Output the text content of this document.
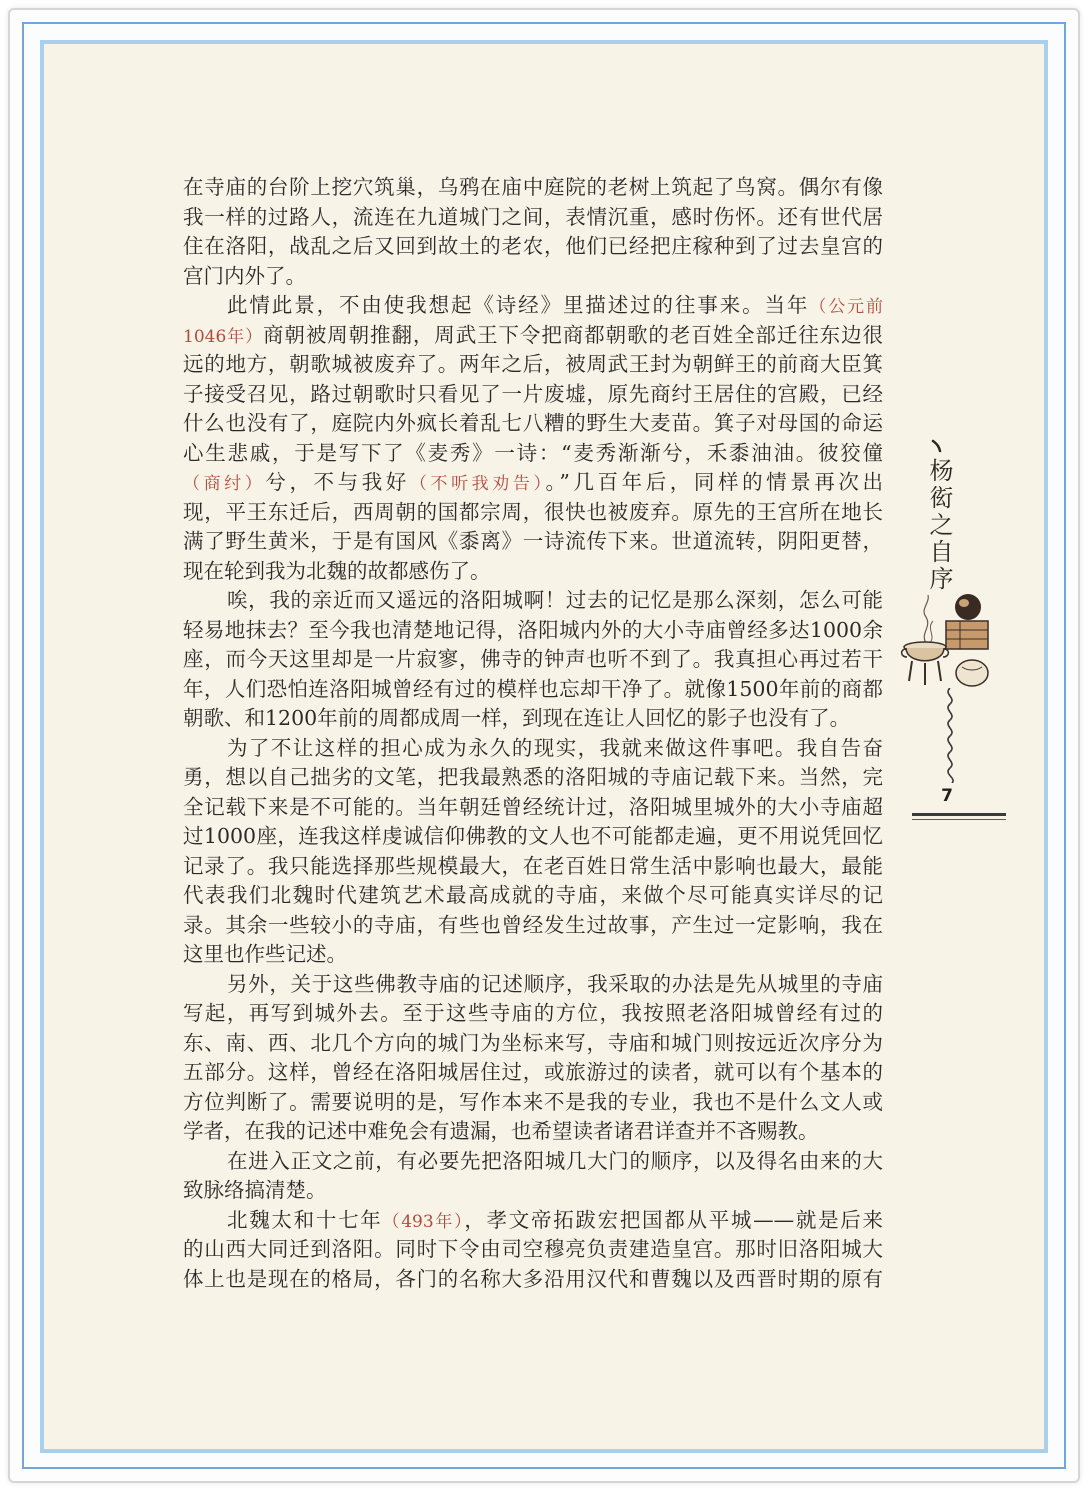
在寺庙的台阶上挖穴筑巢，乌鸦在庙中庭院的老树上筑起了鸟窝。偶尔有像
我一样的过路人，流连在九道城门之间，表情沉重，感时伤怀。还有世代居
住在洛阳，战乱之后又回到故土的老农，他们已经把庄稼种到了过去皇宫的
宫门内外了。
此情此景，不由使我想起《诗经》里描述过的往事来。当年（公元前
1046年）商朝被周朝推翻，周武王下令把商都朝歌的老百姓全部迁往东边很
远的地方，朝歌城被废弃了。两年之后，被周武王封为朝鲜王的前商大臣箕
子接受召见，路过朝歌时只看见了一片废墟，原先商纣王居住的宫殿，已经
什么也没有了，庭院内外疯长着乱七八糟的野生大麦苗。箕子对母国的命运
心生悲戚，于是写下了《麦秀》一诗：“麦秀渐渐兮，禾黍油油。彼狡僮
（商纣）兮，不与我好（不听我劝告）。”几百年后，同样的情景再次出
现，平王东迁后，西周朝的国都宗周，很快也被废弃。原先的王宫所在地长
满了野生黄米，于是有国风《黍离》一诗流传下来。世道流转，阴阳更替，
现在轮到我为北魏的故都感伤了。
唉，我的亲近而又遥远的洛阳城啊！过去的记忆是那么深刻，怎么可能
轻易地抹去？至今我也清楚地记得，洛阳城内外的大小寺庙曾经多达1000余
座，而今天这里却是一片寂寥，佛寺的钟声也听不到了。我真担心再过若干
年，人们恐怕连洛阳城曾经有过的模样也忘却干净了。就像1500年前的商都
朝歌、和1200年前的周都成周一样，到现在连让人回忆的影子也没有了。
为了不让这样的担心成为永久的现实，我就来做这件事吧。我自告奋
勇，想以自己拙劣的文笔，把我最熟悉的洛阳城的寺庙记载下来。当然，完
全记载下来是不可能的。当年朝廷曾经统计过，洛阳城里城外的大小寺庙超
过1000座，连我这样虔诚信仰佛教的文人也不可能都走遍，更不用说凭回忆
记录了。我只能选择那些规模最大，在老百姓日常生活中影响也最大，最能
代表我们北魏时代建筑艺术最高成就的寺庙，来做个尽可能真实详尽的记
录。其余一些较小的寺庙，有些也曾经发生过故事，产生过一定影响，我在
这里也作些记述。
另外，关于这些佛教寺庙的记述顺序，我采取的办法是先从城里的寺庙
写起，再写到城外去。至于这些寺庙的方位，我按照老洛阳城曾经有过的
东、南、西、北几个方向的城门为坐标来写，寺庙和城门则按远近次序分为
五部分。这样，曾经在洛阳城居住过，或旅游过的读者，就可以有个基本的
方位判断了。需要说明的是，写作本来不是我的专业，我也不是什么文人或
学者，在我的记述中难免会有遗漏，也希望读者诸君详查并不吝赐教。
在进入正文之前，有必要先把洛阳城几大门的顺序，以及得名由来的大
致脉络搞清楚。
北魏太和十七年（493年），孝文帝拓跋宏把国都从平城——就是后来
的山西大同迁到洛阳。同时下令由司空穆亮负责建造皇宫。那时旧洛阳城大
体上也是现在的格局，各门的名称大多沿用汉代和曹魏以及西晋时期的原有
杨衒之自序
7
